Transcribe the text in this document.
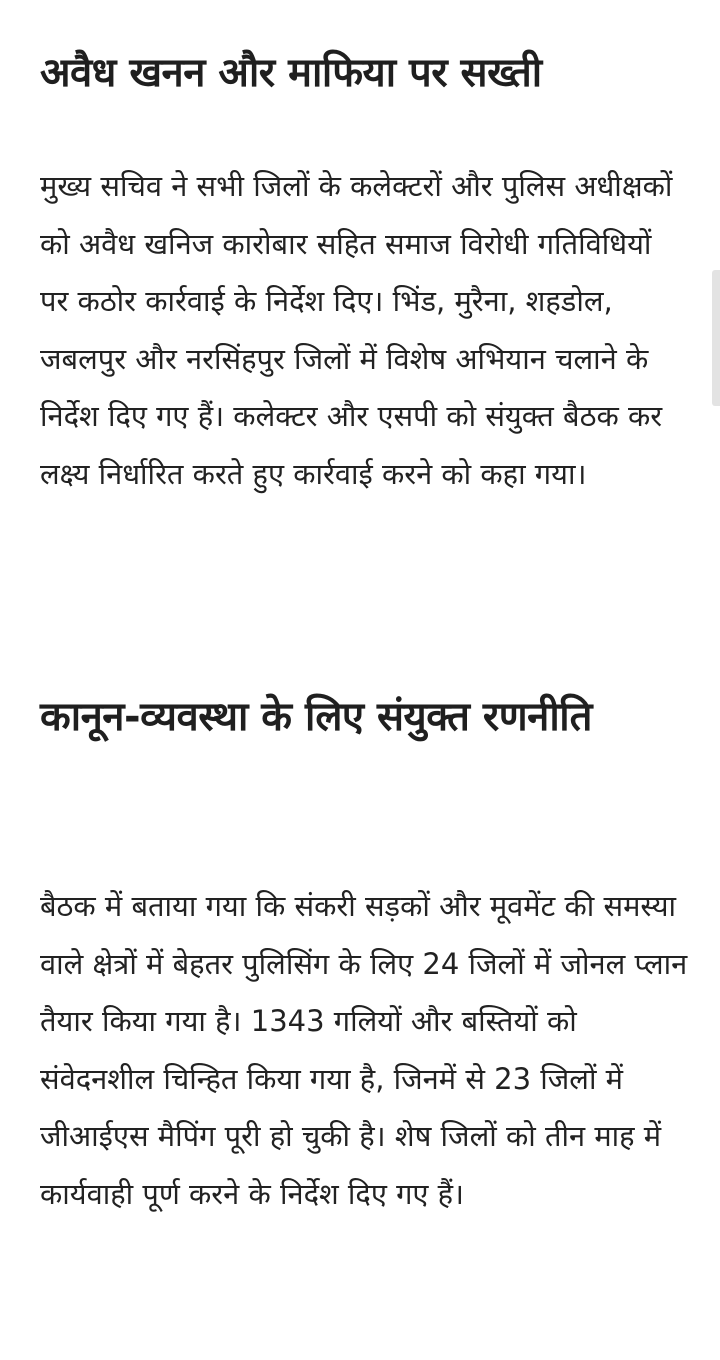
अवैध खनन और माफिया पर सख्ती

मुख्य सचिव ने सभी जिलों के कलेक्टरों और पुलिस अधीक्षकों को अवैध खनिज कारोबार सहित समाज विरोधी गतिविधियों पर कठोर कार्रवाई के निर्देश दिए। भिंड, मुरैना, शहडोल, जबलपुर और नरसिंहपुर जिलों में विशेष अभियान चलाने के निर्देश दिए गए हैं। कलेक्टर और एसपी को संयुक्त बैठक कर लक्ष्य निर्धारित करते हुए कार्रवाई करने को कहा गया।

कानून-व्यवस्था के लिए संयुक्त रणनीति

बैठक में बताया गया कि संकरी सड़कों और मूवमेंट की समस्या वाले क्षेत्रों में बेहतर पुलिसिंग के लिए 24 जिलों में जोनल प्लान तैयार किया गया है। 1343 गलियों और बस्तियों को संवेदनशील चिन्हित किया गया है, जिनमें से 23 जिलों में जीआईएस मैपिंग पूरी हो चुकी है। शेष जिलों को तीन माह में कार्यवाही पूर्ण करने के निर्देश दिए गए हैं।
